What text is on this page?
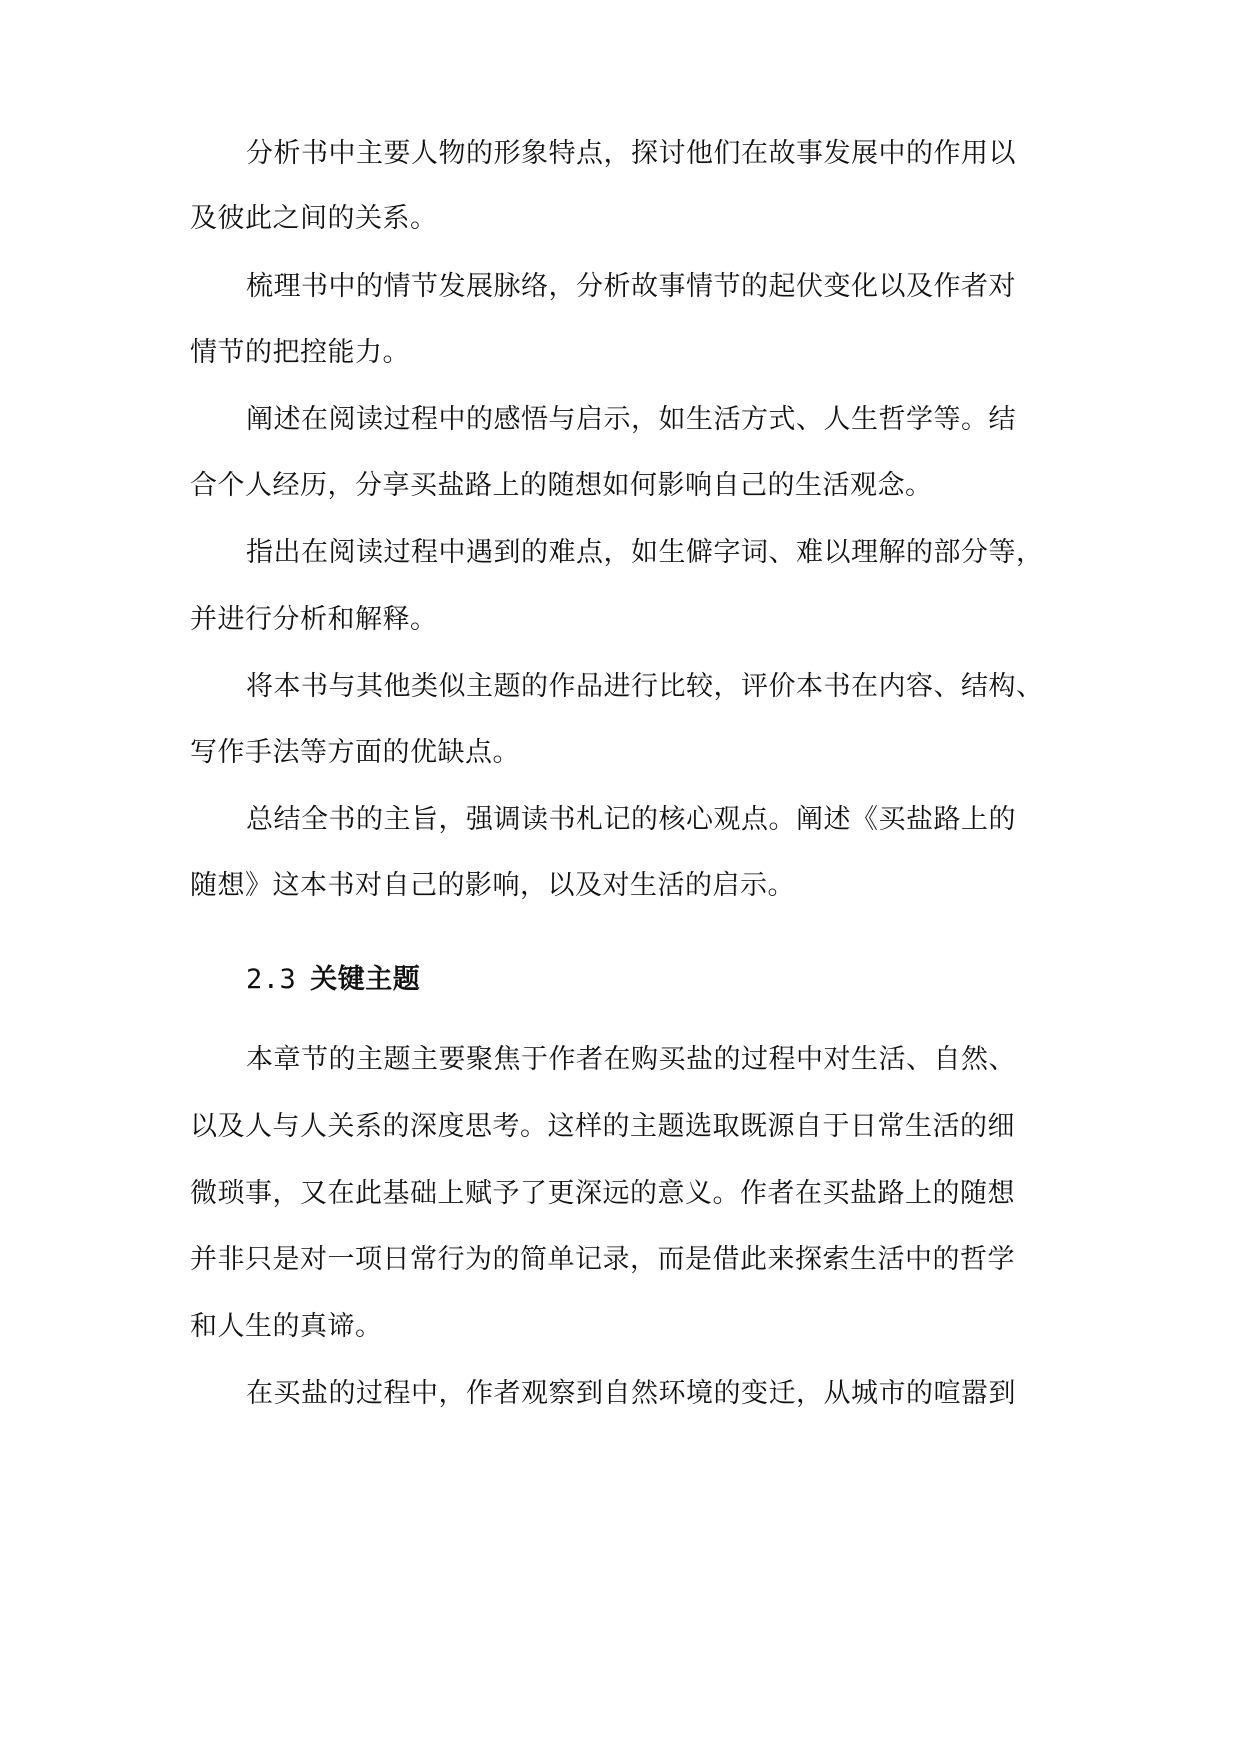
分析书中主要人物的形象特点，探讨他们在故事发展中的作用以

及彼此之间的关系。

梳理书中的情节发展脉络，分析故事情节的起伏变化以及作者对

情节的把控能力。

阐述在阅读过程中的感悟与启示，如生活方式、人生哲学等。结

合个人经历，分享买盐路上的随想如何影响自己的生活观念。

指出在阅读过程中遇到的难点，如生僻字词、难以理解的部分等，

并进行分析和解释。

将本书与其他类似主题的作品进行比较，评价本书在内容、结构、

写作手法等方面的优缺点。

总结全书的主旨，强调读书札记的核心观点。阐述《买盐路上的

随想》这本书对自己的影响，以及对生活的启示。

2.3 关键主题

本章节的主题主要聚焦于作者在购买盐的过程中对生活、自然、

以及人与人关系的深度思考。这样的主题选取既源自于日常生活的细

微琐事，又在此基础上赋予了更深远的意义。作者在买盐路上的随想

并非只是对一项日常行为的简单记录，而是借此来探索生活中的哲学

和人生的真谛。

在买盐的过程中，作者观察到自然环境的变迁，从城市的喧嚣到
